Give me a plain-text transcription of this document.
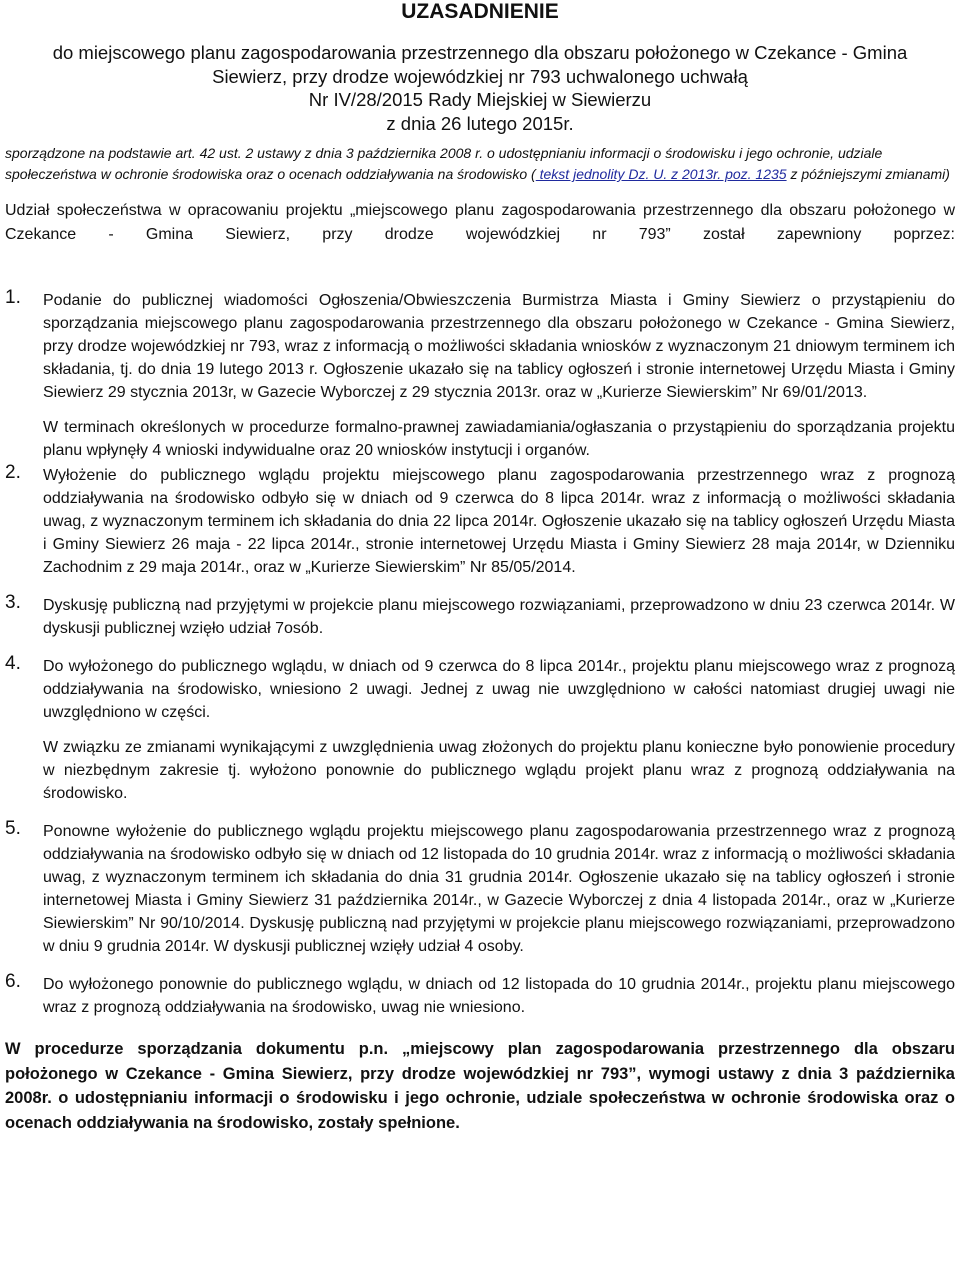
UZASADNIENIE
do miejscowego planu zagospodarowania przestrzennego dla obszaru położonego w Czekance - Gmina
Siewierz, przy drodze wojewódzkiej nr 793 uchwalonego uchwałą
Nr IV/28/2015 Rady Miejskiej w Siewierzu
z dnia 26 lutego 2015r.

sporządzone na podstawie art. 42 ust. 2 ustawy z dnia 3 października 2008 r. o udostępnianiu informacji o środowisku i jego ochronie, udziale społeczeństwa w ochronie środowiska oraz o ocenach oddziaływania na środowisko ( tekst jednolity Dz. U. z 2013r. poz. 1235 z późniejszymi zmianami)

Udział społeczeństwa w opracowaniu projektu „miejscowego planu zagospodarowania przestrzennego dla obszaru położonego w Czekance - Gmina Siewierz, przy drodze wojewódzkiej nr 793” został zapewniony poprzez:

1. Podanie do publicznej wiadomości Ogłoszenia/Obwieszczenia Burmistrza Miasta i Gminy Siewierz o przystąpieniu do sporządzania miejscowego planu zagospodarowania przestrzennego dla obszaru położonego w Czekance - Gmina Siewierz, przy drodze wojewódzkiej nr 793, wraz z informacją o możliwości składania wniosków z wyznaczonym 21 dniowym terminem ich składania, tj. do dnia 19 lutego 2013 r. Ogłoszenie ukazało się na tablicy ogłoszeń i stronie internetowej Urzędu Miasta i Gminy Siewierz 29 stycznia 2013r, w Gazecie Wyborczej z 29 stycznia 2013r. oraz w „Kurierze Siewierskim” Nr 69/01/2013.

W terminach określonych w procedurze formalno-prawnej zawiadamiania/ogłaszania o przystąpieniu do sporządzania projektu planu wpłynęły 4 wnioski indywidualne oraz 20 wniosków instytucji i organów.

2. Wyłożenie do publicznego wglądu projektu miejscowego planu zagospodarowania przestrzennego wraz z prognozą oddziaływania na środowisko odbyło się w dniach od 9 czerwca do 8 lipca 2014r. wraz z informacją o możliwości składania uwag, z wyznaczonym terminem ich składania do dnia 22 lipca 2014r. Ogłoszenie ukazało się na tablicy ogłoszeń Urzędu Miasta i Gminy Siewierz 26 maja - 22 lipca 2014r., stronie internetowej Urzędu Miasta i Gminy Siewierz 28 maja 2014r, w Dzienniku Zachodnim z 29 maja 2014r., oraz w „Kurierze Siewierskim” Nr 85/05/2014.

3. Dyskusję publiczną nad przyjętymi w projekcie planu miejscowego rozwiązaniami, przeprowadzono w dniu 23 czerwca 2014r. W dyskusji publicznej wzięło udział 7osób.

4. Do wyłożonego do publicznego wglądu, w dniach od 9 czerwca do 8 lipca 2014r., projektu planu miejscowego wraz z prognozą oddziaływania na środowisko, wniesiono 2 uwagi. Jednej z uwag nie uwzględniono w całości natomiast drugiej uwagi nie uwzględniono w części.

W związku ze zmianami wynikającymi z uwzględnienia uwag złożonych do projektu planu konieczne było ponowienie procedury w niezbędnym zakresie tj. wyłożono ponownie do publicznego wglądu projekt planu wraz z prognozą oddziaływania na środowisko.

5. Ponowne wyłożenie do publicznego wglądu projektu miejscowego planu zagospodarowania przestrzennego wraz z prognozą oddziaływania na środowisko odbyło się w dniach od 12 listopada do 10 grudnia 2014r. wraz z informacją o możliwości składania uwag, z wyznaczonym terminem ich składania do dnia 31 grudnia 2014r. Ogłoszenie ukazało się na tablicy ogłoszeń i stronie internetowej Miasta i Gminy Siewierz 31 października 2014r., w Gazecie Wyborczej z dnia 4 listopada 2014r., oraz w „Kurierze Siewierskim” Nr 90/10/2014. Dyskusję publiczną nad przyjętymi w projekcie planu miejscowego rozwiązaniami, przeprowadzono w dniu 9 grudnia 2014r. W dyskusji publicznej wzięły udział 4 osoby.

6. Do wyłożonego ponownie do publicznego wglądu, w dniach od 12 listopada do 10 grudnia 2014r., projektu planu miejscowego wraz z prognozą oddziaływania na środowisko, uwag nie wniesiono.

W procedurze sporządzania dokumentu p.n. „miejscowy plan zagospodarowania przestrzennego dla obszaru położonego w Czekance - Gmina Siewierz, przy drodze wojewódzkiej nr 793”, wymogi ustawy z dnia 3 października 2008r. o udostępnianiu informacji o środowisku i jego ochronie, udziale społeczeństwa w ochronie środowiska oraz o ocenach oddziaływania na środowisko, zostały spełnione.
